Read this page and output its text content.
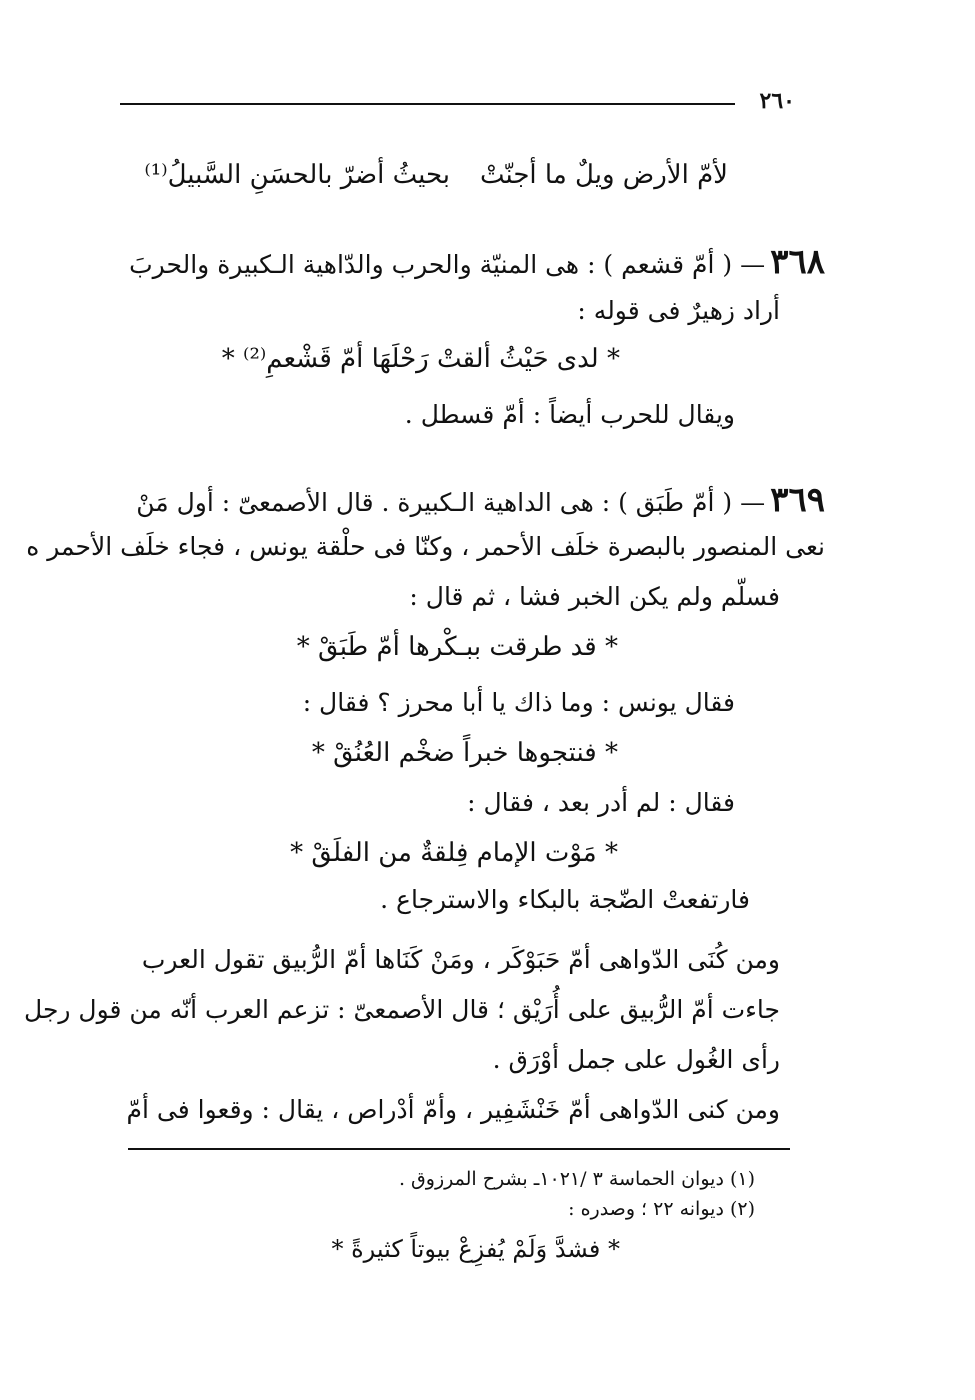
٢٦٠
لأمّ الأرض ويلٌ ما أجنّتْ
بحيثُ أضرّ بالحسَنِ السَّبيلُ⁽¹⁾
٣٦٨ — ( أمّ قشعم ) : هى المنيّة والحرب والدّاهية الـكبيرة والحربَ
أراد زهيرٌ فى قوله :
* لدى حَيْثُ ألقتْ رَحْلَهَا أمّ قَشْعمِ⁽²⁾ *
ويقال للحرب أيضاً : أمّ قسطل .
٣٦٩ — ( أمّ طَبَق ) : هى الداهية الـكبيرة . قال الأصمعىّ : أول مَنْ
نعى المنصور بالبصرة خلَف الأحمر ، وكنّا فى حلْقة يونس ، فجاء خلَف الأحمر ه
فسلّم ولم يكن الخبر فشا ، ثم قال :
* قد طرقت ببـكْرها أمّ طَبَقْ *
فقال يونس : وما ذاك يا أبا محرز ؟ فقال :
* فنتجوها خبراً ضخْم العُنُقْ *
فقال : لم أدر بعد ، فقال :
* مَوْت الإمام فِلقةٌ من الفلَقْ *
فارتفعتْ الضّجة بالبكاء والاسترجاع .
ومن كُنَى الدّواهى أمّ حَبَوْكَر ، ومَنْ كَنَاها أمّ الرُّبيق تقول العرب
جاءت أمّ الرُّبيق على أُرَيْق ؛ قال الأصمعىّ : تزعم العرب أنّه من قول رجل
رأى الغُول على جمل أوْرَق .
ومن كنى الدّواهى أمّ خَنْشَفِير ، وأمّ أدْراص ، يقال : وقعوا فى أمّ
(١) ديوان الحماسة ٣ /١٠٢١ـ بشرح المرزوق .
(٢) ديوانه ٢٢ ؛ وصدره :
* فشدَّ وَلَمْ يُفزِعْ بيوتاً كثيرةً *
